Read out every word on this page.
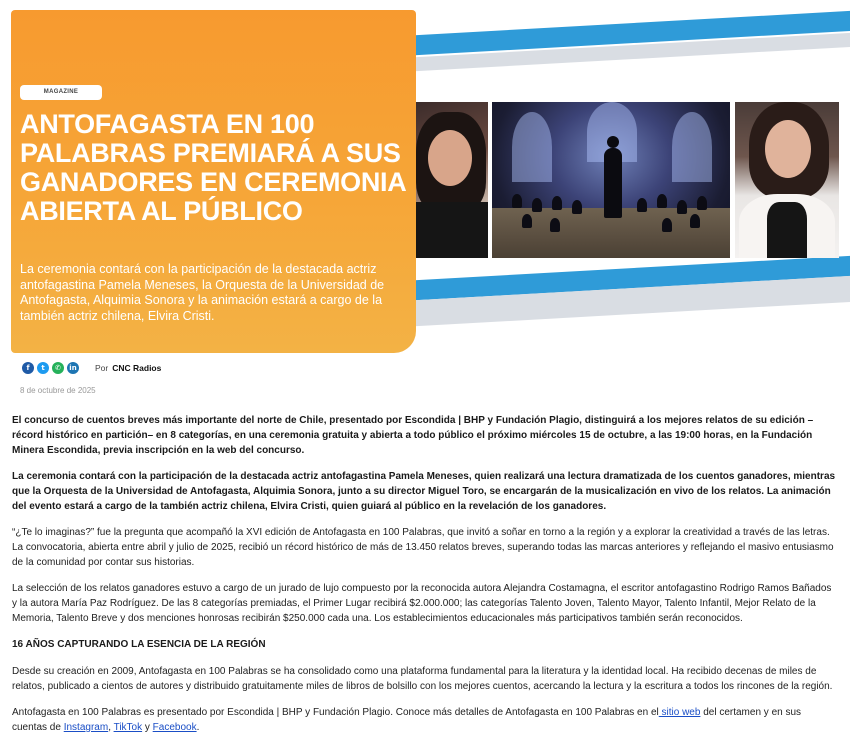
MAGAZINE
ANTOFAGASTA EN 100 PALABRAS PREMIARÁ A SUS GANADORES EN CEREMONIA ABIERTA AL PÚBLICO
La ceremonia contará con la participación de la destacada actriz antofagastina Pamela Meneses, la Orquesta de la Universidad de Antofagasta, Alquimia Sonora y la animación estará a cargo de la también actriz chilena, Elvira Cristi.
f	t	✆	in Por CNC Radios
8 de octubre de 2025

El concurso de cuentos breves más importante del norte de Chile, presentado por Escondida | BHP y Fundación Plagio, distinguirá a los mejores relatos de su edición –récord histórico en partición– en 8 categorías, en una ceremonia gratuita y abierta a todo público el próximo miércoles 15 de octubre, a las 19:00 horas, en la Fundación Minera Escondida, previa inscripción en la web del concurso.

La ceremonia contará con la participación de la destacada actriz antofagastina Pamela Meneses, quien realizará una lectura dramatizada de los cuentos ganadores, mientras que la Orquesta de la Universidad de Antofagasta, Alquimia Sonora, junto a su director Miguel Toro, se encargarán de la musicalización en vivo de los relatos. La animación del evento estará a cargo de la también actriz chilena, Elvira Cristi, quien guiará al público en la revelación de los ganadores.

“¿Te lo imaginas?” fue la pregunta que acompañó la XVI edición de Antofagasta en 100 Palabras, que invitó a soñar en torno a la región y a explorar la creatividad a través de las letras. La convocatoria, abierta entre abril y julio de 2025, recibió un récord histórico de más de 13.450 relatos breves, superando todas las marcas anteriores y reflejando el masivo entusiasmo de la comunidad por contar sus historias.

La selección de los relatos ganadores estuvo a cargo de un jurado de lujo compuesto por la reconocida autora Alejandra Costamagna, el escritor antofagastino Rodrigo Ramos Bañados y la autora María Paz Rodríguez. De las 8 categorías premiadas, el Primer Lugar recibirá $2.000.000; las categorías Talento Joven, Talento Mayor, Talento Infantil, Mejor Relato de la Memoria, Talento Breve y dos menciones honrosas recibirán $250.000 cada una. Los establecimientos educacionales más participativos también serán reconocidos.

16 AÑOS CAPTURANDO LA ESENCIA DE LA REGIÓN

Desde su creación en 2009, Antofagasta en 100 Palabras se ha consolidado como una plataforma fundamental para la literatura y la identidad local. Ha recibido decenas de miles de relatos, publicado a cientos de autores y distribuido gratuitamente miles de libros de bolsillo con los mejores cuentos, acercando la lectura y la escritura a todos los rincones de la región.

Antofagasta en 100 Palabras es presentado por Escondida | BHP y Fundación Plagio. Conoce más detalles de Antofagasta en 100 Palabras en el sitio web del certamen y en sus cuentas de Instagram, TikTok y Facebook.
